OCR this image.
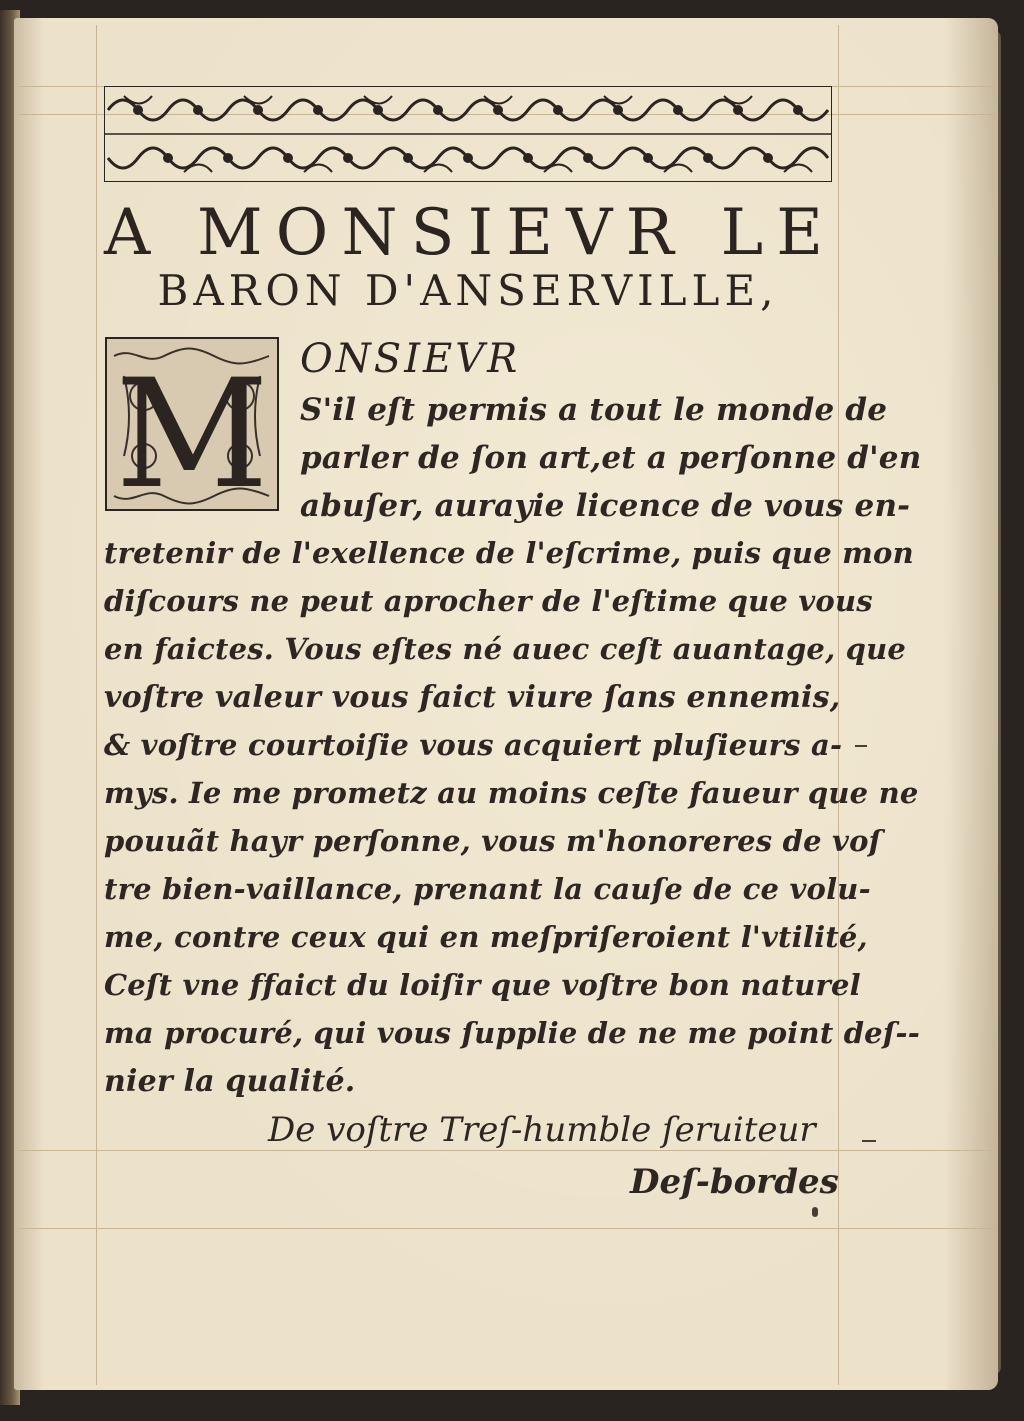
A
M O N S I E V R
L E
BARON D'ANSERVILLE,
M ONSIEVR
S'il eſt permis a tout le monde de
parler de ſon art,et a perſonne d'en
abuſer, aurayie licence de vous en-
tretenir de l'exellence de l'eſcrime, puis que mon
diſcours ne peut aprocher de l'eſtime que vous
en faictes. Vous eſtes né auec ceſt auantage, que
voſtre valeur vous faict viure ſans ennemis,
& voſtre courtoiſie vous acquiert pluſieurs a-
mys. Ie me prometz au moins ceſte faueur que ne
pouuãt hayr perſonne, vous m'honoreres de voſ
tre bien-vaillance, prenant la cauſe de ce volu-
me, contre ceux qui en meſpriſeroient l'vtilité,
Ceſt vne ffaict du loiſir que voſtre bon naturel
ma procuré, qui vous ſupplie de ne me point deſ--
nier la qualité.
De voſtre Treſ-humble ſeruiteur
Deſ-bordes
